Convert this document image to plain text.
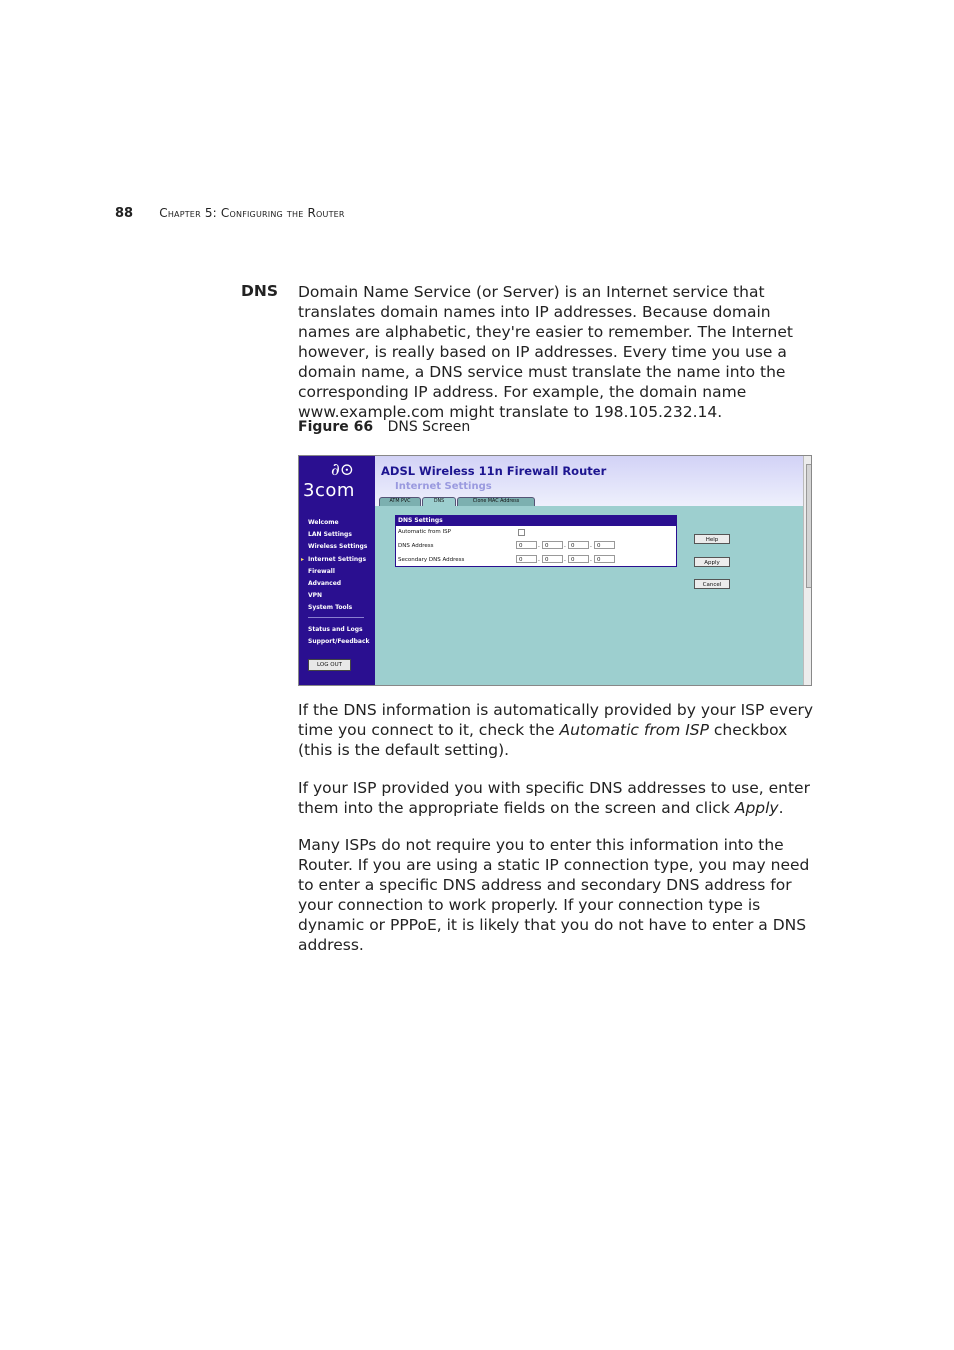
88 Chapter 5: Configuring the Router
DNS Domain Name Service (or Server) is an Internet service that translates domain names into IP addresses. Because domain names are alphabetic, they're easier to remember. The Internet however, is really based on IP addresses. Every time you use a domain name, a DNS service must translate the name into the corresponding IP address. For example, the domain name www.example.com might translate to 198.105.232.14.

Figure 66 DNS Screen
∂⊙
3com
Welcome
LAN Settings
Wireless Settings
▸ Internet Settings
Firewall
Advanced
VPN
System Tools
Status and Logs
Support/Feedback
LOG OUT
ADSL Wireless 11n Firewall Router
Internet Settings
ATM PVC	DNS	Clone MAC Address
DNS Settings
Automatic from ISP
DNS Address	0	. 0	. 0	. 0
Secondary DNS Address	0	. 0	. 0	. 0
Help
Apply
Cancel

If the DNS information is automatically provided by your ISP every time you connect to it, check the Automatic from ISP checkbox (this is the default setting).

If your ISP provided you with specific DNS addresses to use, enter them into the appropriate fields on the screen and click Apply.

Many ISPs do not require you to enter this information into the Router. If you are using a static IP connection type, you may need to enter a specific DNS address and secondary DNS address for your connection to work properly. If your connection type is dynamic or PPPoE, it is likely that you do not have to enter a DNS address.
